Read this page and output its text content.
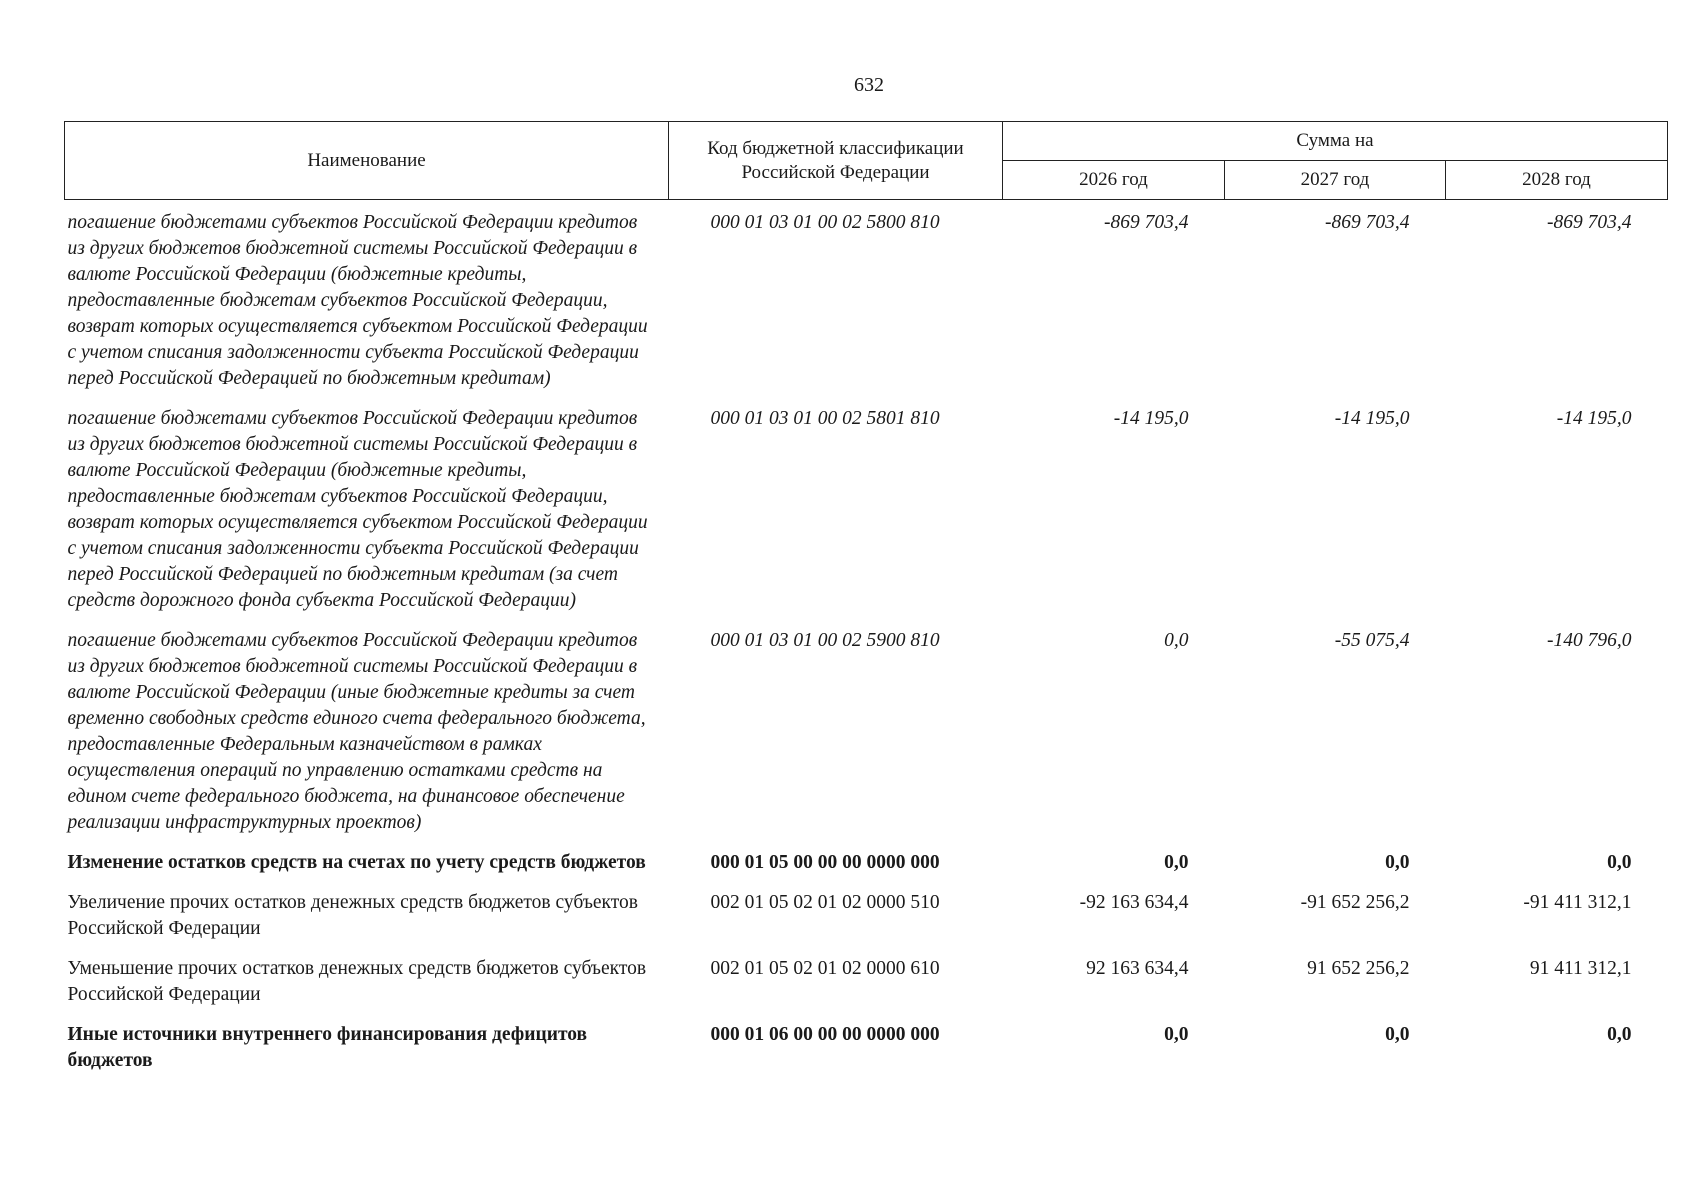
632
Наименование	Код бюджетной классификации Российской Федерации	Сумма на		
		2026 год	2027 год	2028 год
погашение бюджетами субъектов Российской Федерации кредитов из других бюджетов бюджетной системы Российской Федерации в валюте Российской Федерации (бюджетные кредиты, предоставленные бюджетам субъектов Российской Федерации, возврат которых осуществляется субъектом Российской Федерации с учетом списания задолженности субъекта Российской Федерации перед Российской Федерацией по бюджетным кредитам)	000 01 03 01 00 02 5800 810	-869 703,4	-869 703,4	-869 703,4
погашение бюджетами субъектов Российской Федерации кредитов из других бюджетов бюджетной системы Российской Федерации в валюте Российской Федерации (бюджетные кредиты, предоставленные бюджетам субъектов Российской Федерации, возврат которых осуществляется субъектом Российской Федерации с учетом списания задолженности субъекта Российской Федерации перед Российской Федерацией по бюджетным кредитам (за счет средств дорожного фонда субъекта Российской Федерации)	000 01 03 01 00 02 5801 810	-14 195,0	-14 195,0	-14 195,0
погашение бюджетами субъектов Российской Федерации кредитов из других бюджетов бюджетной системы Российской Федерации в валюте Российской Федерации (иные бюджетные кредиты за счет временно свободных средств единого счета федерального бюджета, предоставленные Федеральным казначейством в рамках осуществления операций по управлению остатками средств на едином счете федерального бюджета, на финансовое обеспечение реализации инфраструктурных проектов)	000 01 03 01 00 02 5900 810	0,0	-55 075,4	-140 796,0
Изменение остатков средств на счетах по учету средств бюджетов	000 01 05 00 00 00 0000 000	0,0	0,0	0,0
Увеличение прочих остатков денежных средств бюджетов субъектов Российской Федерации	002 01 05 02 01 02 0000 510	-92 163 634,4	-91 652 256,2	-91 411 312,1
Уменьшение прочих остатков денежных средств бюджетов субъектов Российской Федерации	002 01 05 02 01 02 0000 610	92 163 634,4	91 652 256,2	91 411 312,1
Иные источники внутреннего финансирования дефицитов бюджетов	000 01 06 00 00 00 0000 000	0,0	0,0	0,0
